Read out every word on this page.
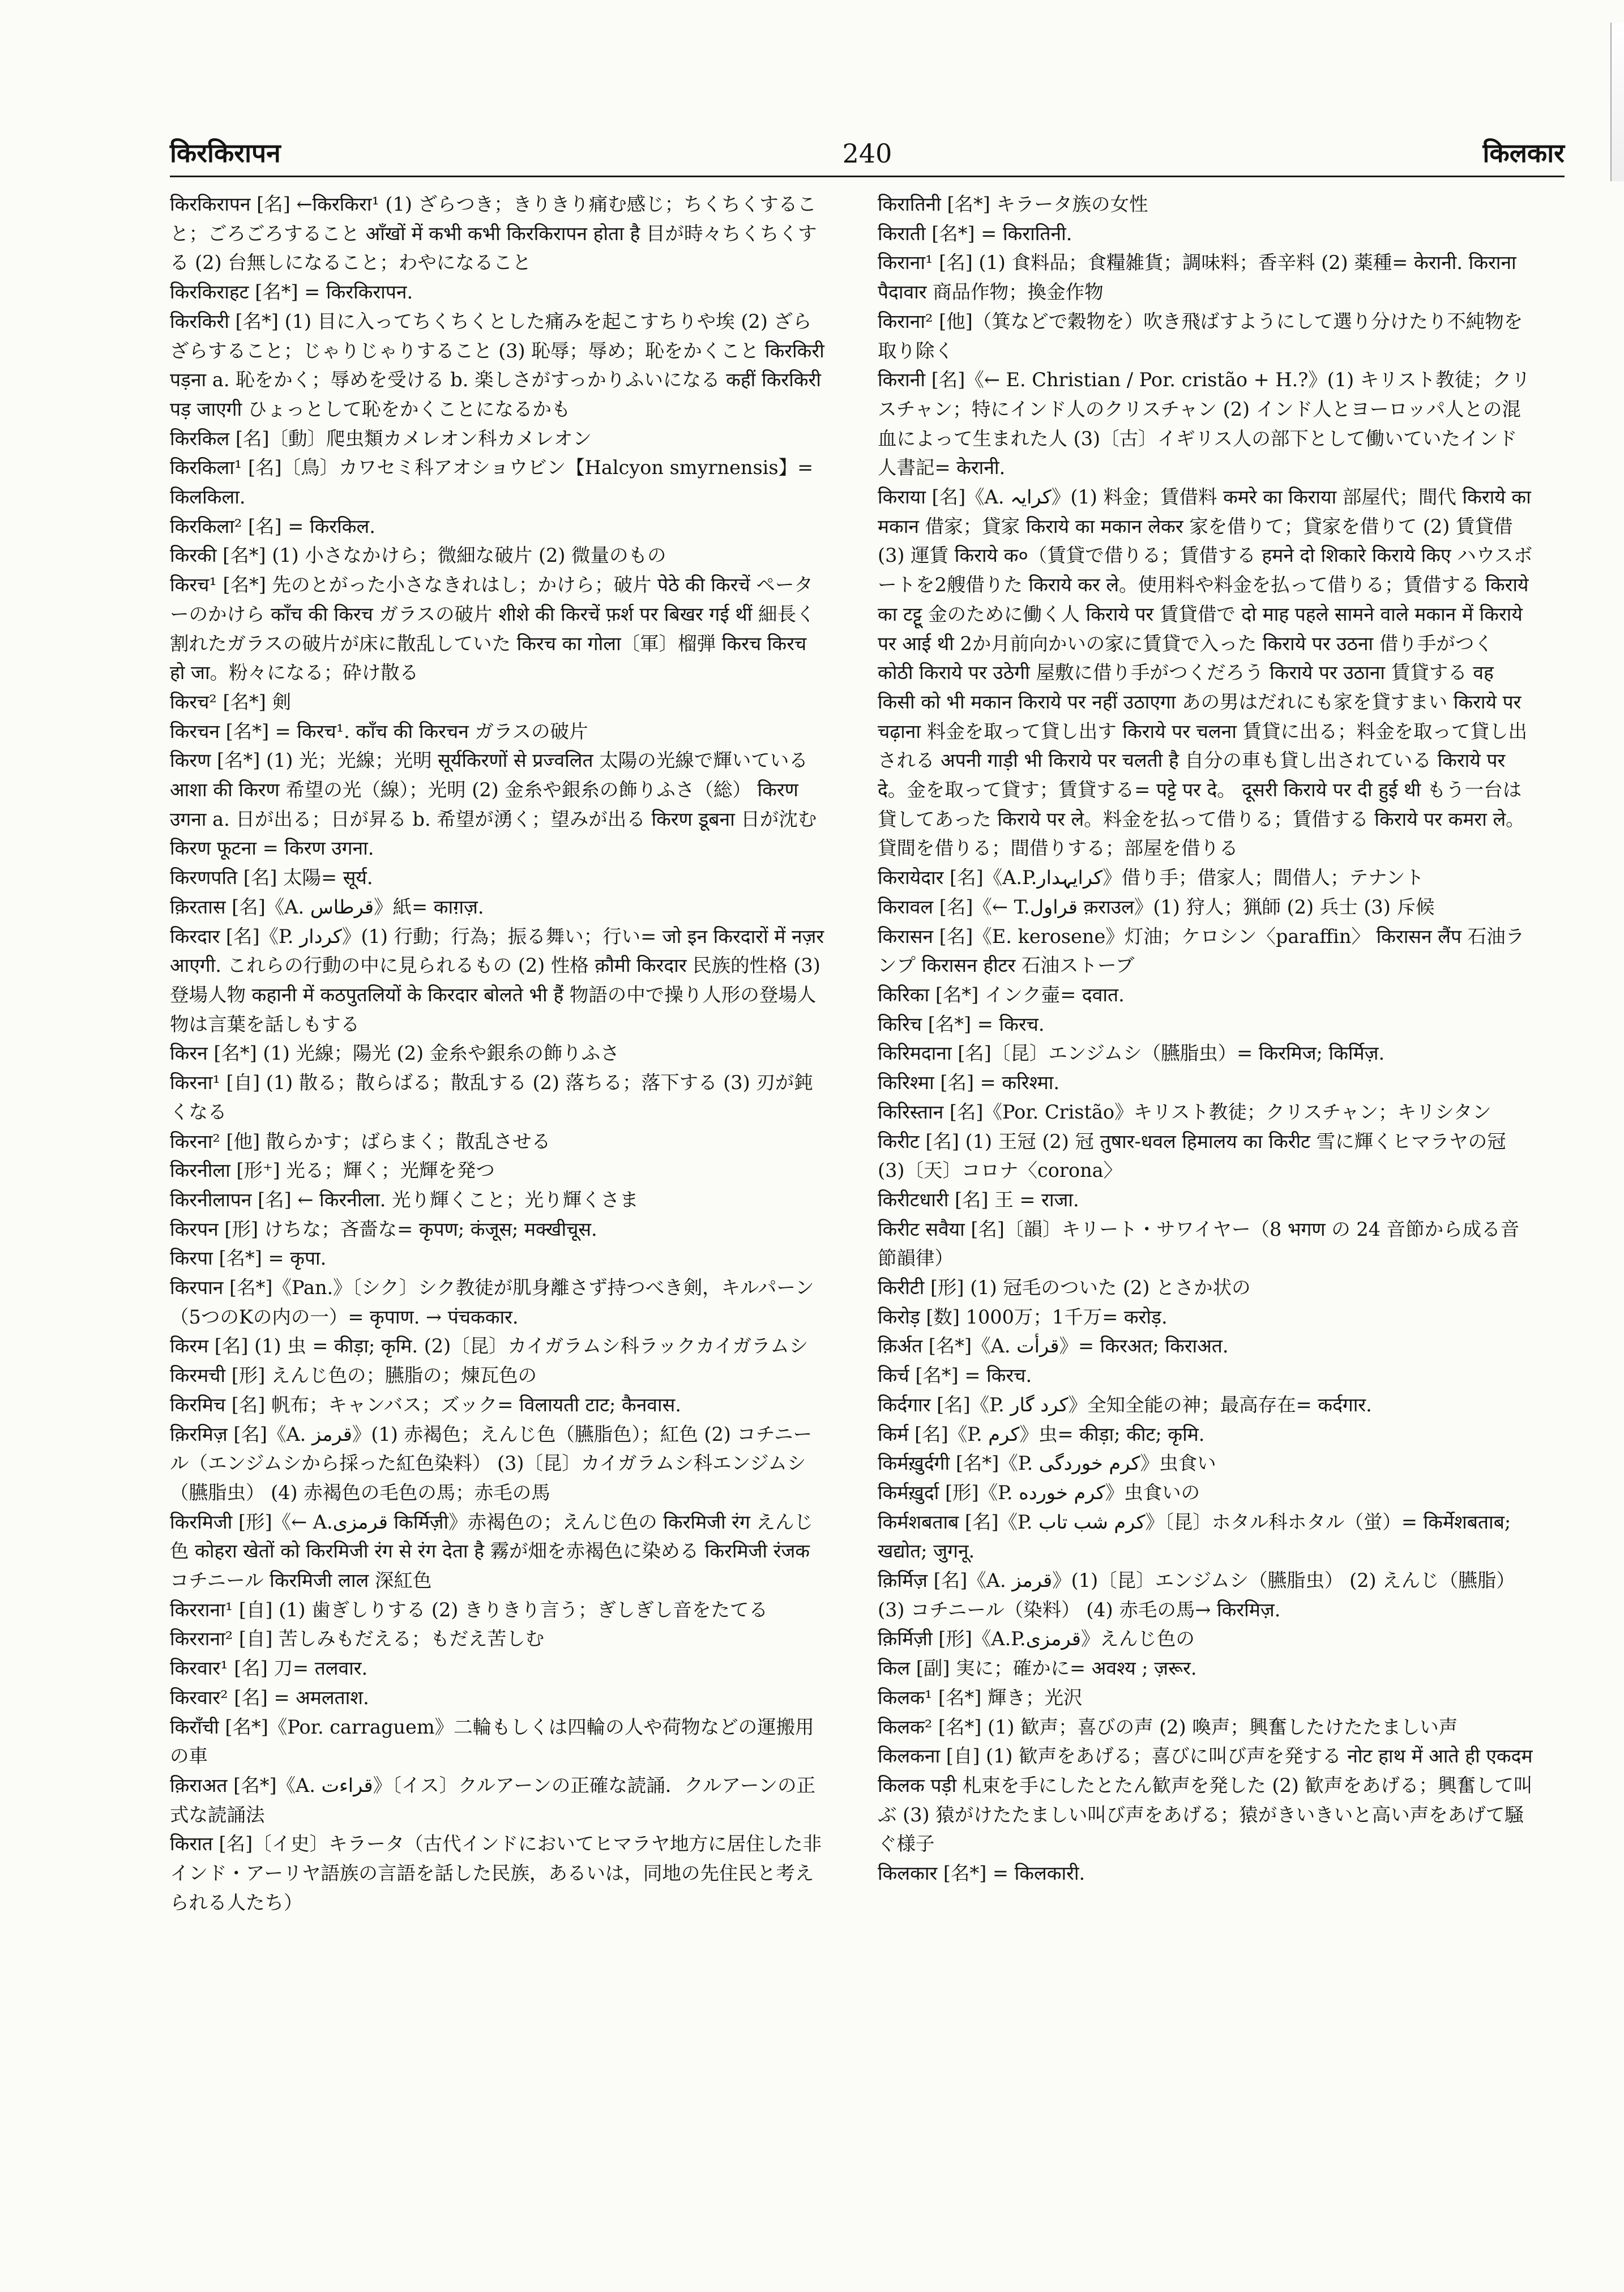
किरकिरापन	240	किलकार

किरकिरापन [名] ←किरकिरा¹ (1) ざらつき；きりきり痛む感じ；ちくちくすること；ごろごろすること आँखों में कभी कभी किरकिरापन होता है 目が時々ちくちくする (2) 台無しになること；わやになること

किरकिराहट [名*] = किरकिरापन.

किरकिरी [名*] (1) 目に入ってちくちくとした痛みを起こすちりや埃 (2) ざらざらすること；じゃりじゃりすること (3) 恥辱；辱め；恥をかくこと किरकिरी पड़ना a. 恥をかく；辱めを受ける b. 楽しさがすっかりふいになる कहीं किरकिरी पड़ जाएगी ひょっとして恥をかくことになるかも

किरकिल [名]〔動〕爬虫類カメレオン科カメレオン

किरकिला¹ [名]〔鳥〕カワセミ科アオショウビン【Halcyon smyrnensis】= किलकिला.

किरकिला² [名] = किरकिल.

किरकी [名*] (1) 小さなかけら；微細な破片 (2) 微量のもの

किरच¹ [名*] 先のとがった小さなきれはし；かけら；破片 पेठे की किरचें ペーターのかけら काँच की किरच ガラスの破片 शीशे की किरचें फ़र्श पर बिखर गई थीं 細長く割れたガラスの破片が床に散乱していた किरच का गोला〔軍〕榴弾 किरच किरच हो जा。粉々になる；砕け散る

किरच² [名*] 剣

किरचन [名*] = किरच¹. काँच की किरचन ガラスの破片

किरण [名*] (1) 光；光線；光明 सूर्यकिरणों से प्रज्वलित 太陽の光線で輝いている आशा की किरण 希望の光（線）；光明 (2) 金糸や銀糸の飾りふさ（総） किरण उगना a. 日が出る；日が昇る b. 希望が湧く；望みが出る किरण डूबना 日が沈む किरण फूटना = किरण उगना.

किरणपति [名] 太陽= सूर्य.

क़िरतास [名]《A. قرطاس》紙= काग़ज़.

किरदार [名]《P. کردار》(1) 行動；行為；振る舞い；行い= जो इन किरदारों में नज़र आएगी. これらの行動の中に見られるもの (2) 性格 क़ौमी किरदार 民族的性格 (3) 登場人物 कहानी में कठपुतलियों के किरदार बोलते भी हैं 物語の中で操り人形の登場人物は言葉を話しもする

किरन [名*] (1) 光線；陽光 (2) 金糸や銀糸の飾りふさ

किरना¹ [自] (1) 散る；散らばる；散乱する (2) 落ちる；落下する (3) 刃が鈍くなる

किरना² [他] 散らかす；ばらまく；散乱させる

किरनीला [形⁺] 光る；輝く；光輝を発つ

किरनीलापन [名] ← किरनीला. 光り輝くこと；光り輝くさま

किरपन [形] けちな；吝嗇な= कृपण; कंजूस; मक्खीचूस.

किरपा [名*] = कृपा.

किरपान [名*]《Pan.》〔シク〕シク教徒が肌身離さず持つべき剣，キルパーン（5つのKの内の一）= कृपाण. → पंचककार.

किरम [名] (1) 虫 = कीड़ा; कृमि. (2)〔昆〕カイガラムシ科ラックカイガラムシ

किरमची [形] えんじ色の；臙脂の；煉瓦色の

किरमिच [名] 帆布；キャンバス；ズック= विलायती टाट; कैनवास.

क़िरमिज़ [名]《A. قرمز》(1) 赤褐色；えんじ色（臙脂色）；紅色 (2) コチニール（エンジムシから採った紅色染料） (3)〔昆〕カイガラムシ科エンジムシ（臙脂虫） (4) 赤褐色の毛色の馬；赤毛の馬

किरमिजी [形]《← A.قرمزی किर्मिज़ी》赤褐色の；えんじ色の किरमिजी रंग えんじ色 कोहरा खेतों को किरमिजी रंग से रंग देता है 霧が畑を赤褐色に染める किरमिजी रंजक コチニール किरमिजी लाल 深紅色

किरराना¹ [自] (1) 歯ぎしりする (2) きりきり言う；ぎしぎし音をたてる

किरराना² [自] 苦しみもだえる；もだえ苦しむ

किरवार¹ [名] 刀= तलवार.

किरवार² [名] = अमलताश.

किराँची [名*]《Por. carraguem》二輪もしくは四輪の人や荷物などの運搬用の車

क़िराअत [名*]《A. قراءت》〔イス〕クルアーンの正確な読誦．クルアーンの正式な読誦法

किरात [名]〔イ史〕キラータ（古代インドにおいてヒマラヤ地方に居住した非インド・アーリヤ語族の言語を話した民族，あるいは，同地の先住民と考えられる人たち）

किरातिनी [名*] キラータ族の女性

किराती [名*] = किरातिनी.

किराना¹ [名] (1) 食料品；食糧雑貨；調味料；香辛料 (2) 薬種= केरानी. किराना पैदावार 商品作物；換金作物

किराना² [他]（箕などで穀物を）吹き飛ばすようにして選り分けたり不純物を取り除く

किरानी [名]《← E. Christian / Por. cristão + H.?》(1) キリスト教徒；クリスチャン；特にインド人のクリスチャン (2) インド人とヨーロッパ人との混血によって生まれた人 (3)〔古〕イギリス人の部下として働いていたインド人書記= केरानी.

किराया [名]《A. کرایہ》(1) 料金；賃借料 कमरे का किराया 部屋代；間代 किराये का मकान 借家；貸家 किराये का मकान लेकर 家を借りて；貸家を借りて (2) 賃貸借 (3) 運賃 किराये क०（賃貸で借りる；賃借する हमने दो शिकारे किराये किए ハウスボートを2艘借りた किराये कर ले。使用料や料金を払って借りる；賃借する किराये का टट्टू 金のために働く人 किराये पर 賃貸借で दो माह पहले सामने वाले मकान में किराये पर आई थी 2か月前向かいの家に賃貸で入った किराये पर उठना 借り手がつく कोठी किराये पर उठेगी 屋敷に借り手がつくだろう किराये पर उठाना 賃貸する वह किसी को भी मकान किराये पर नहीं उठाएगा あの男はだれにも家を貸すまい किराये पर चढ़ाना 料金を取って貸し出す किराये पर चलना 賃貸に出る；料金を取って貸し出される अपनी गाड़ी भी किराये पर चलती है 自分の車も貸し出されている किराये पर दे。金を取って貸す；賃貸する= पट्टे पर दे。 दूसरी किराये पर दी हुई थी もう一台は貸してあった किराये पर ले。料金を払って借りる；賃借する किराये पर कमरा ले。貸間を借りる；間借りする；部屋を借りる

किरायेदार [名]《A.P.کرایہدار》借り手；借家人；間借人；テナント

किरावल [名]《← T.قراول क़राउल》(1) 狩人；猟師 (2) 兵士 (3) 斥候

किरासन [名]《E. kerosene》灯油；ケロシン〈paraffin〉 किरासन लैंप 石油ランプ किरासन हीटर 石油ストーブ

किरिका [名*] インク壷= दवात.

किरिच [名*] = किरच.

किरिमदाना [名]〔昆〕エンジムシ（臙脂虫）= किरमिज; किर्मिज़.

किरिश्मा [名] = करिश्मा.

किरिस्तान [名]《Por. Cristão》キリスト教徒；クリスチャン；キリシタン

किरीट [名] (1) 王冠 (2) 冠 तुषार-धवल हिमालय का किरीट 雪に輝くヒマラヤの冠 (3)〔天〕コロナ〈corona〉

किरीटधारी [名] 王 = राजा.

किरीट सवैया [名]〔韻〕キリート・サワイヤー（8 भगण の 24 音節から成る音節韻律）

किरीटी [形] (1) 冠毛のついた (2) とさか状の

किरोड़ [数] 1000万；1千万= करोड़.

क़िर्अत [名*]《A. قرأت》= किरअत; किराअत.

किर्च [名*] = किरच.

किर्दगार [名]《P. کرد گار》全知全能の神；最高存在= कर्दगार.

किर्म [名]《P. کرم》虫= कीड़ा; कीट; कृमि.

किर्मख़ुर्दगी [名*]《P. کرم خوردگی》虫食い

किर्मख़ुर्दा [形]《P. کرم خورده》虫食いの

किर्मशबताब [名]《P. کرم شب تاب》〔昆〕ホタル科ホタル（蛍）= किर्मेशबताब; खद्योत; जुगनू.

क़िर्मिज़ [名]《A. قرمز》(1)〔昆〕エンジムシ（臙脂虫） (2) えんじ（臙脂） (3) コチニール（染料） (4) 赤毛の馬→ किरमिज़.

क़िर्मिज़ी [形]《A.P.قرمزی》えんじ色の

किल [副] 実に；確かに= अवश्य ; ज़रूर.

किलक¹ [名*] 輝き；光沢

किलक² [名*] (1) 歓声；喜びの声 (2) 喚声；興奮したけたたましい声

किलकना [自] (1) 歓声をあげる；喜びに叫び声を発する नोट हाथ में आते ही एकदम किलक पड़ी 札束を手にしたとたん歓声を発した (2) 歓声をあげる；興奮して叫ぶ (3) 猿がけたたましい叫び声をあげる；猿がきいきいと高い声をあげて騒ぐ様子

किलकार [名*] = किलकारी.
